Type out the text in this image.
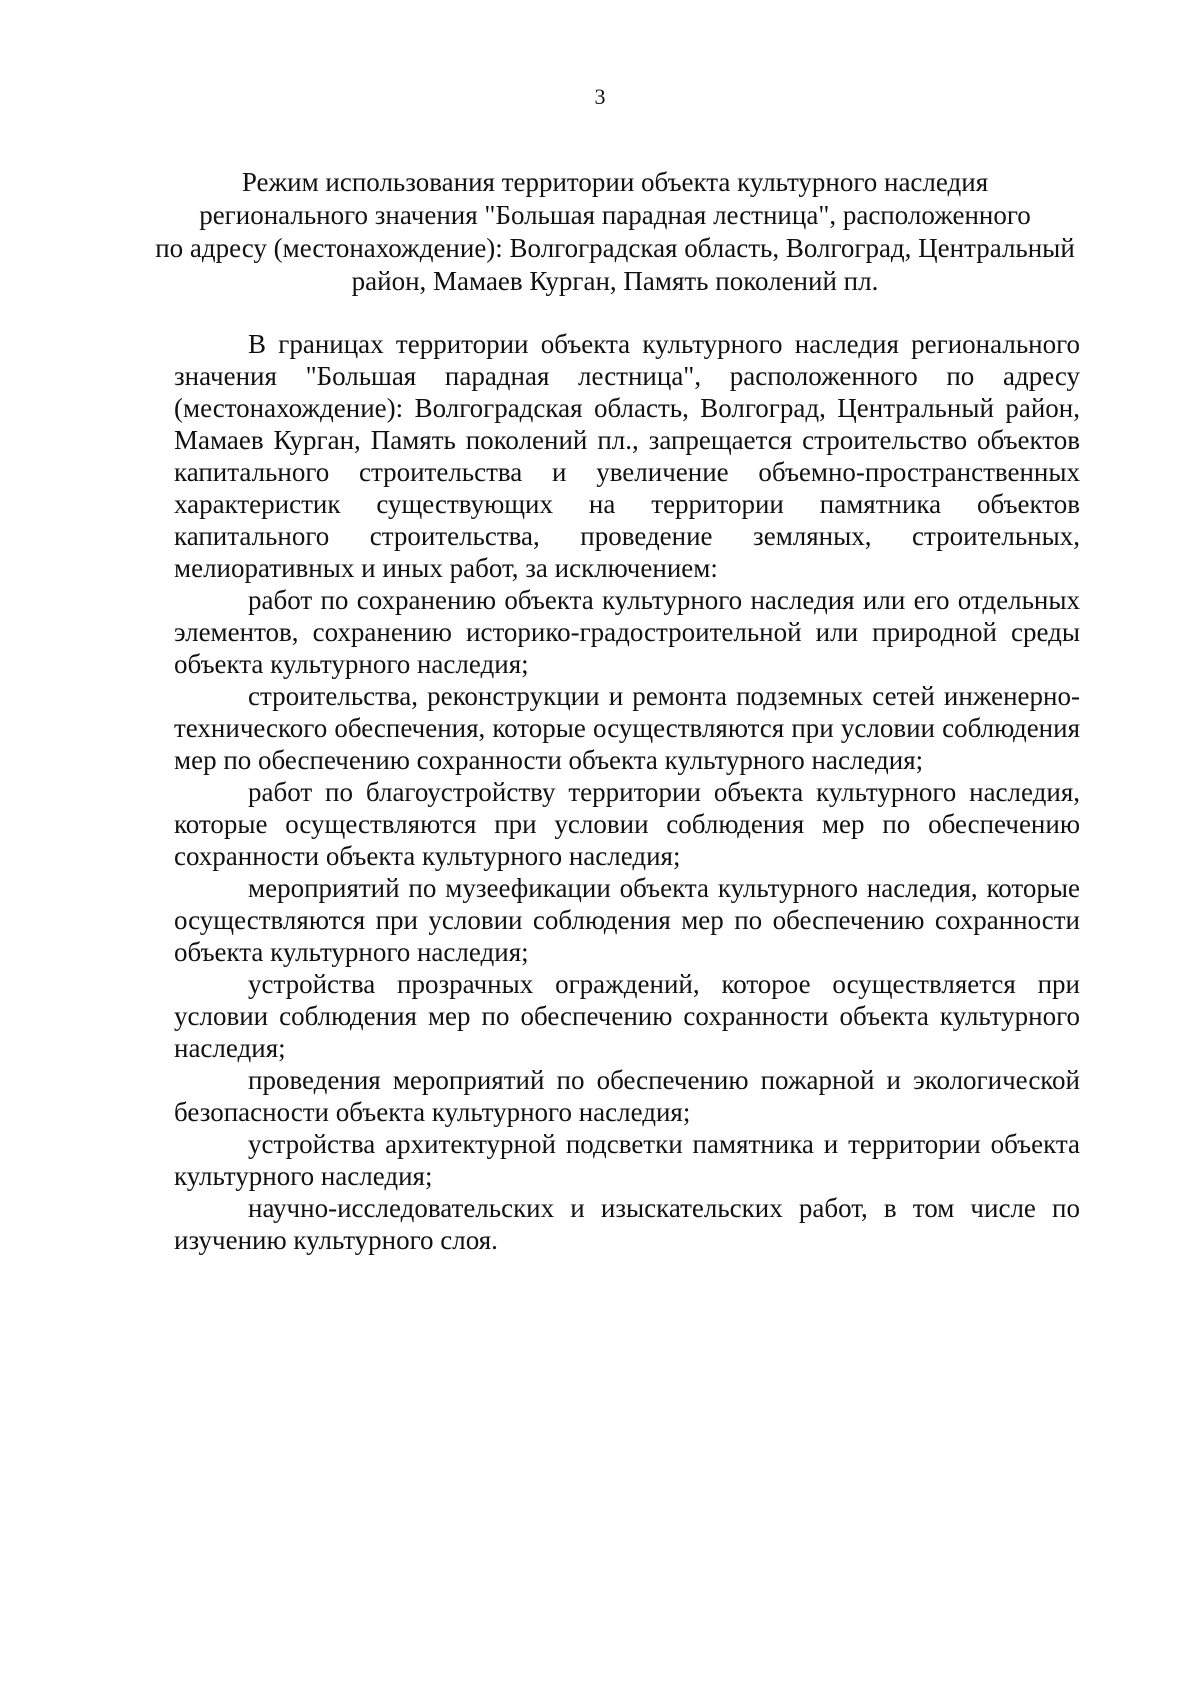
3
Режим использования территории объекта культурного наследия
регионального значения "Большая парадная лестница", расположенного
по адресу (местонахождение): Волгоградская область, Волгоград, Центральный
район, Мамаев Курган, Память поколений пл.

В границах территории объекта культурного наследия регионального значения "Большая парадная лестница", расположенного по адресу (местонахождение): Волгоградская область, Волгоград, Центральный район, Мамаев Курган, Память поколений пл., запрещается строительство объектов капитального строительства и увеличение объемно-пространственных характеристик существующих на территории памятника объектов капитального строительства, проведение земляных, строительных, мелиоративных и иных работ, за исключением:

работ по сохранению объекта культурного наследия или его отдельных элементов, сохранению историко-градостроительной или природной среды объекта культурного наследия;

строительства, реконструкции и ремонта подземных сетей инженерно-технического обеспечения, которые осуществляются при условии соблюдения мер по обеспечению сохранности объекта культурного наследия;

работ по благоустройству территории объекта культурного наследия, которые осуществляются при условии соблюдения мер по обеспечению сохранности объекта культурного наследия;

мероприятий по музеефикации объекта культурного наследия, которые осуществляются при условии соблюдения мер по обеспечению сохранности объекта культурного наследия;

устройства прозрачных ограждений, которое осуществляется при условии соблюдения мер по обеспечению сохранности объекта культурного наследия;

проведения мероприятий по обеспечению пожарной и экологической безопасности объекта культурного наследия;

устройства архитектурной подсветки памятника и территории объекта культурного наследия;

научно-исследовательских и изыскательских работ, в том числе по изучению культурного слоя.
